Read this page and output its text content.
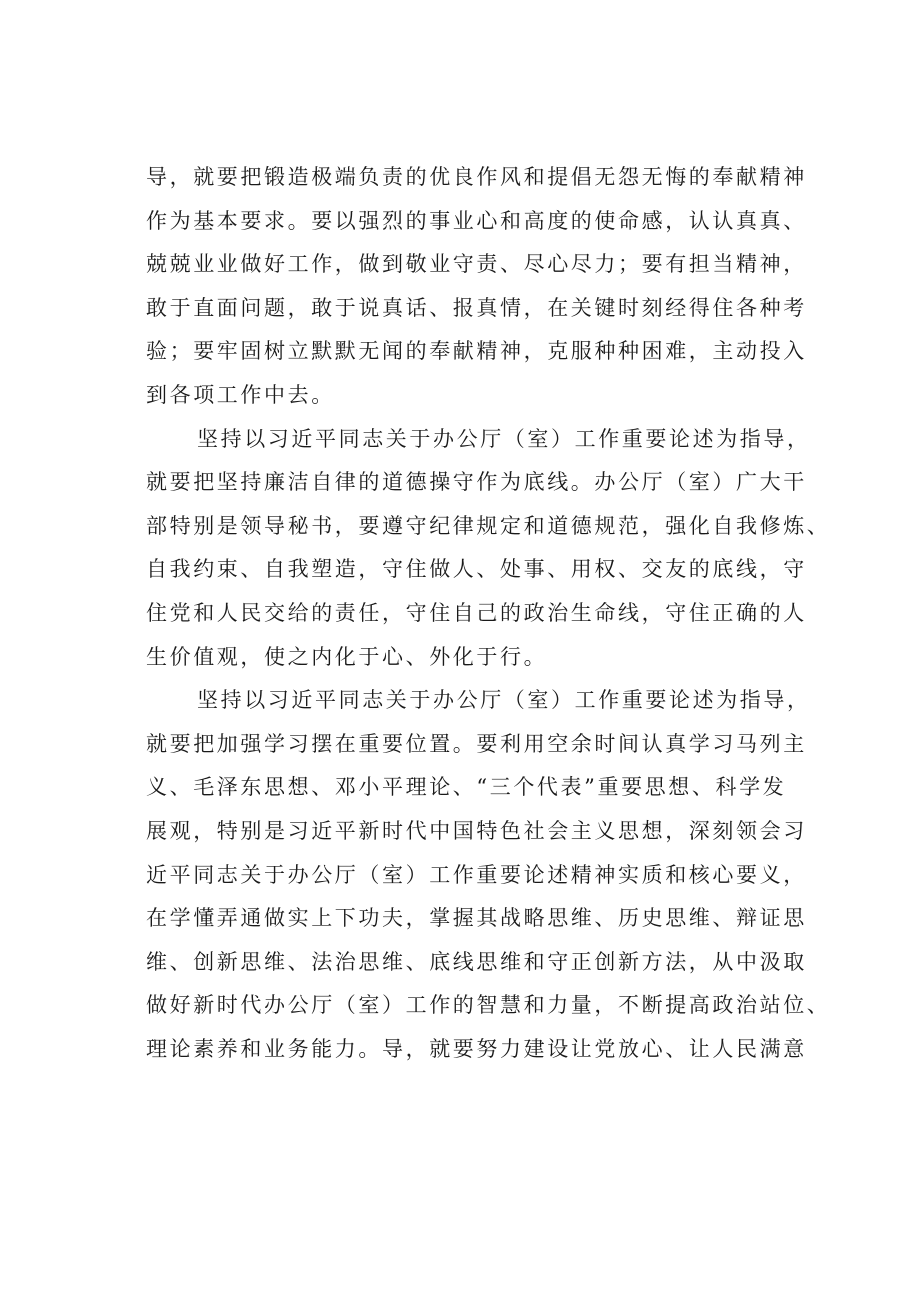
导，就要把锻造极端负责的优良作风和提倡无怨无悔的奉献精神
作为基本要求。要以强烈的事业心和高度的使命感，认认真真、
兢兢业业做好工作，做到敬业守责、尽心尽力；要有担当精神，
敢于直面问题，敢于说真话、报真情，在关键时刻经得住各种考
验；要牢固树立默默无闻的奉献精神，克服种种困难，主动投入
到各项工作中去。

坚持以习近平同志关于办公厅（室）工作重要论述为指导，
就要把坚持廉洁自律的道德操守作为底线。办公厅（室）广大干
部特别是领导秘书，要遵守纪律规定和道德规范，强化自我修炼、
自我约束、自我塑造，守住做人、处事、用权、交友的底线，守
住党和人民交给的责任，守住自己的政治生命线，守住正确的人
生价值观，使之内化于心、外化于行。

坚持以习近平同志关于办公厅（室）工作重要论述为指导，
就要把加强学习摆在重要位置。要利用空余时间认真学习马列主
义、毛泽东思想、邓小平理论、“三个代表”重要思想、科学发
展观，特别是习近平新时代中国特色社会主义思想，深刻领会习
近平同志关于办公厅（室）工作重要论述精神实质和核心要义，
在学懂弄通做实上下功夫，掌握其战略思维、历史思维、辩证思
维、创新思维、法治思维、底线思维和守正创新方法，从中汲取
做好新时代办公厅（室）工作的智慧和力量，不断提高政治站位、
理论素养和业务能力。导，就要努力建设让党放心、让人民满意
